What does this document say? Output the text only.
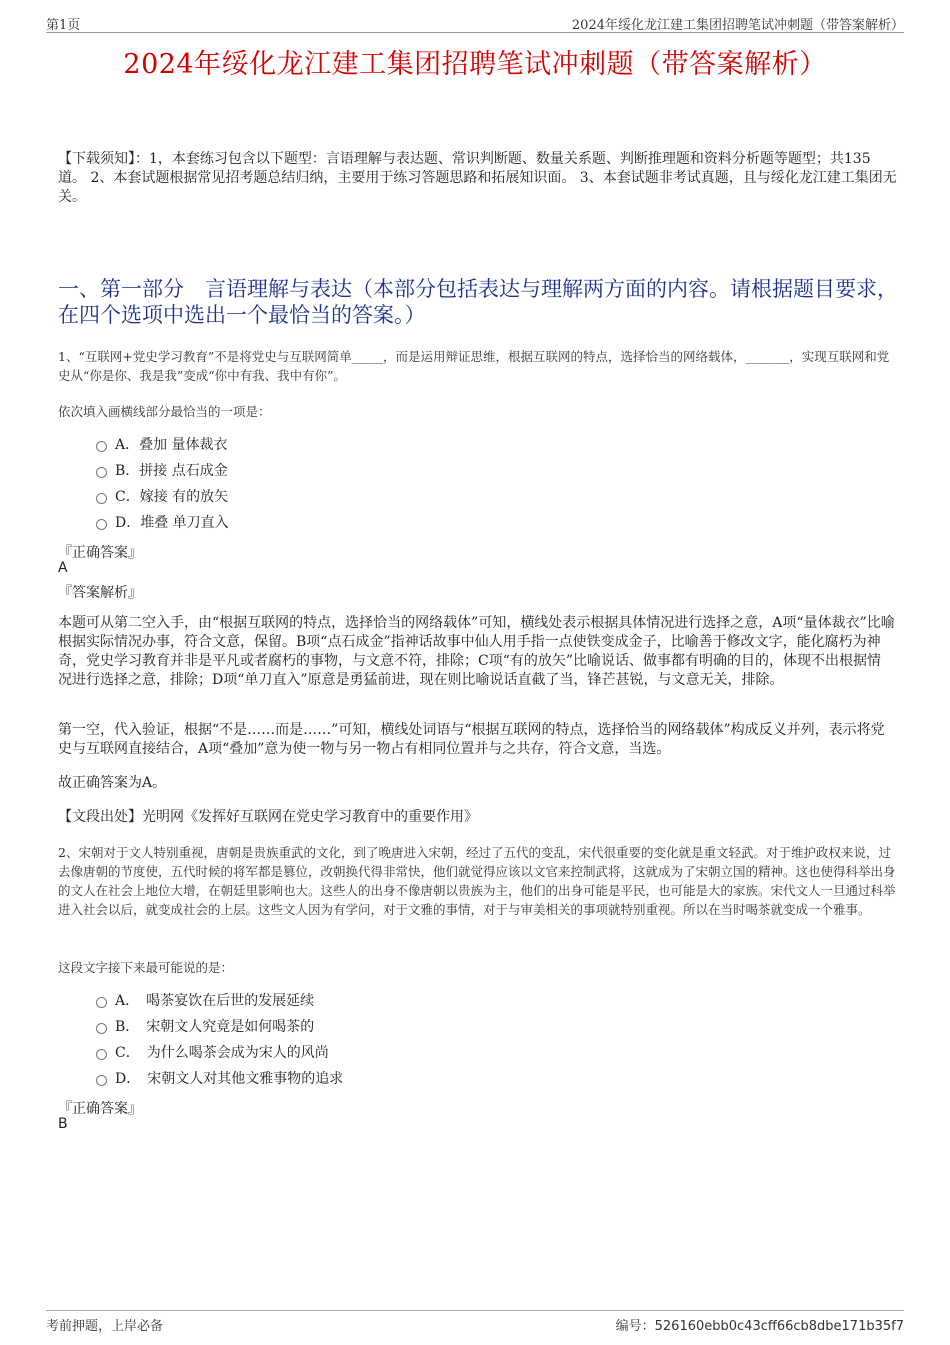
第1页	2024年绥化龙江建工集团招聘笔试冲刺题（带答案解析）
2024年绥化龙江建工集团招聘笔试冲刺题（带答案解析）
【下载须知】：1，本套练习包含以下题型：言语理解与表达题、常识判断题、数量关系题、判断推理题和资料分析题等题型；共135道。 2、本套试题根据常见招考题总结归纳，主要用于练习答题思路和拓展知识面。 3、本套试题非考试真题，且与绥化龙江建工集团无关。
一、第一部分　言语理解与表达（本部分包括表达与理解两方面的内容。请根据题目要求，在四个选项中选出一个最恰当的答案。）
1、“互联网+党史学习教育”不是将党史与互联网简单_____，而是运用辩证思维，根据互联网的特点，选择恰当的网络载体，_______，实现互联网和党史从“你是你、我是我”变成“你中有我、我中有你”。
依次填入画横线部分最恰当的一项是：
A．叠加 量体裁衣
B．拼接 点石成金
C．嫁接 有的放矢
D．堆叠 单刀直入
『正确答案』
A
『答案解析』
本题可从第二空入手，由“根据互联网的特点，选择恰当的网络载体”可知，横线处表示根据具体情况进行选择之意，A项“量体裁衣”比喻根据实际情况办事，符合文意，保留。B项“点石成金”指神话故事中仙人用手指一点使铁变成金子，比喻善于修改文字，能化腐朽为神奇，党史学习教育并非是平凡或者腐朽的事物，与文意不符，排除；C项“有的放矢”比喻说话、做事都有明确的目的，体现不出根据情况进行选择之意，排除；D项“单刀直入”原意是勇猛前进，现在则比喻说话直截了当，锋芒甚锐，与文意无关，排除。
第一空，代入验证，根据“不是……而是……”可知，横线处词语与“根据互联网的特点，选择恰当的网络载体”构成反义并列，表示将党史与互联网直接结合，A项“叠加”意为使一物与另一物占有相同位置并与之共存，符合文意，当选。
故正确答案为A。
【文段出处】光明网《发挥好互联网在党史学习教育中的重要作用》
2、宋朝对于文人特别重视，唐朝是贵族重武的文化，到了晚唐进入宋朝，经过了五代的变乱，宋代很重要的变化就是重文轻武。对于维护政权来说，过去像唐朝的节度使，五代时候的将军都是篡位，改朝换代得非常快，他们就觉得应该以文官来控制武将，这就成为了宋朝立国的精神。这也使得科举出身的文人在社会上地位大增，在朝廷里影响也大。这些人的出身不像唐朝以贵族为主，他们的出身可能是平民，也可能是大的家族。宋代文人一旦通过科举进入社会以后，就变成社会的上层。这些文人因为有学问，对于文雅的事情，对于与审美相关的事项就特别重视。所以在当时喝茶就变成一个雅事。
这段文字接下来最可能说的是：
A．　喝茶宴饮在后世的发展延续
B．　宋朝文人究竟是如何喝茶的
C．　为什么喝茶会成为宋人的风尚
D．　宋朝文人对其他文雅事物的追求
『正确答案』
B
考前押题，上岸必备	编号：526160ebb0c43cff66cb8dbe171b35f7
